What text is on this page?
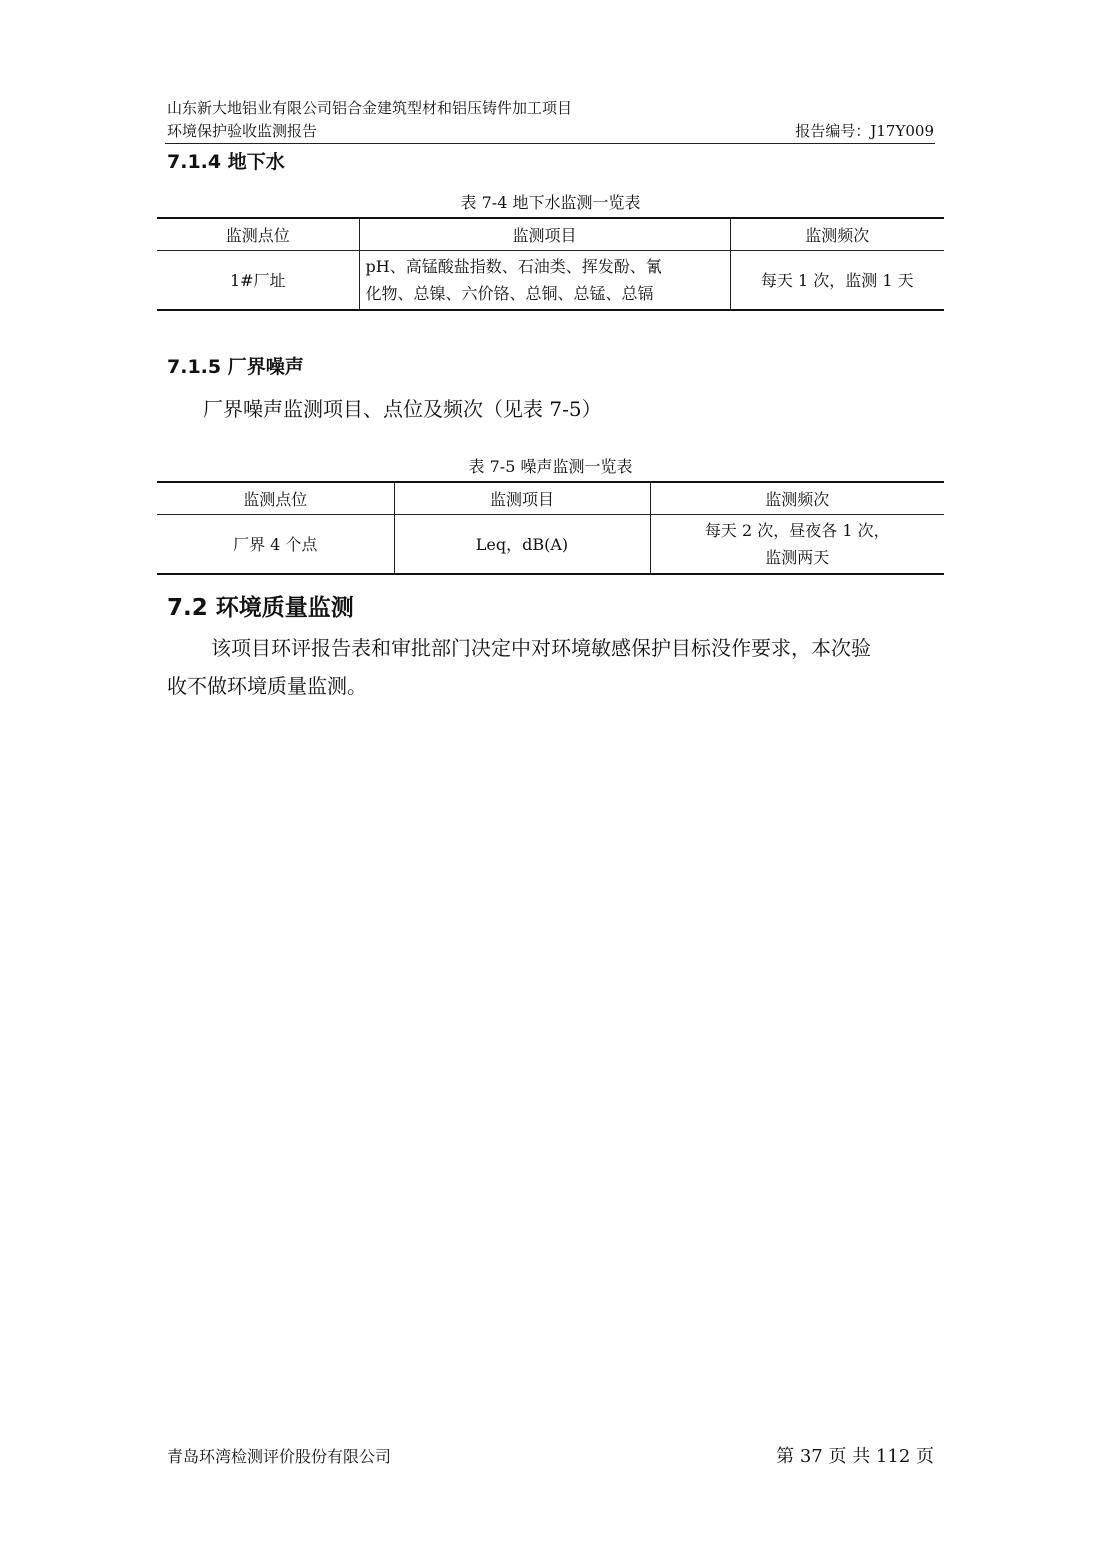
山东新大地铝业有限公司铝合金建筑型材和铝压铸件加工项目
环境保护验收监测报告	报告编号：J17Y009
7.1.4 地下水
表 7-4 地下水监测一览表
监测点位	监测项目	监测频次
1#厂址	pH、高锰酸盐指数、石油类、挥发酚、氰
化物、总镍、六价铬、总铜、总锰、总镉	每天 1 次，监测 1 天
7.1.5 厂界噪声
厂界噪声监测项目、点位及频次（见表 7-5）
表 7-5 噪声监测一览表
监测点位	监测项目	监测频次
厂界 4 个点	Leq，dB(A)	每天 2 次，昼夜各 1 次，
监测两天
7.2 环境质量监测
该项目环评报告表和审批部门决定中对环境敏感保护目标没作要求，本次验
收不做环境质量监测。
青岛环湾检测评价股份有限公司	第 37 页 共 112 页
